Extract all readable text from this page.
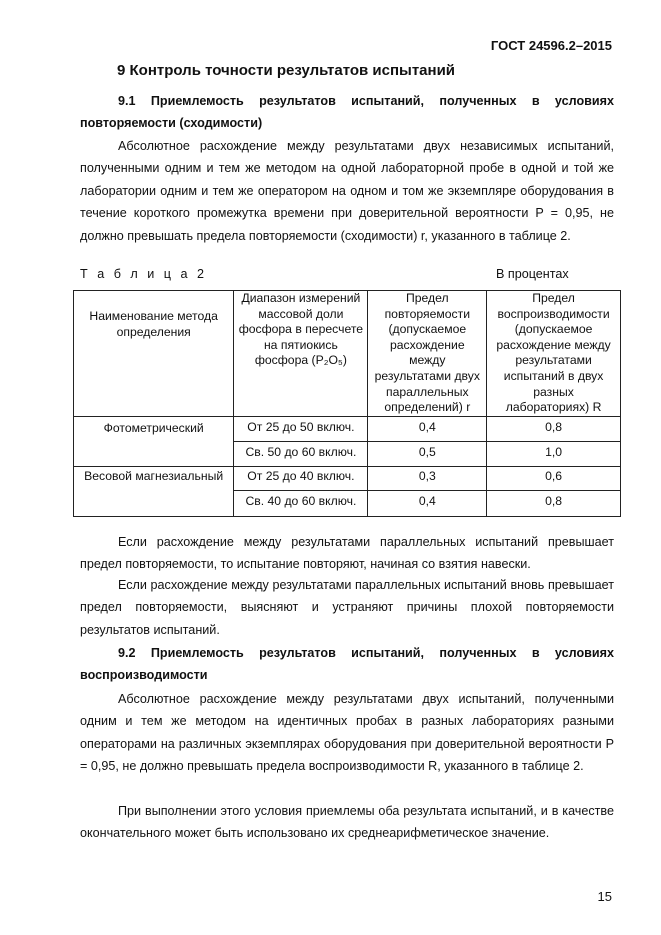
ГОСТ 24596.2–2015
9 Контроль точности результатов испытаний
9.1 Приемлемость результатов испытаний, полученных в условиях повторяемости (сходимости)
Абсолютное расхождение между результатами двух независимых испытаний, полученными одним и тем же методом на одной лабораторной пробе в одной и той же лаборатории одним и тем же оператором на одном и том же экземпляре оборудования в течение короткого промежутка времени при доверительной вероятности P = 0,95, не должно превышать предела повторяемости (сходимости) r, указанного в таблице 2.
Т а б л и ц а 2	В процентах
Наименование метода определения	Диапазон измерений массовой доли фосфора в пересчете на пятиокись фосфора (P₂O₅)	Предел повторяемости (допускаемое расхождение между результатами двух параллельных определений) r	Предел воспроизводимости (допускаемое расхождение между результатами испытаний в двух разных лабораториях) R
Фотометрический	От 25 до 50 включ.	0,4	0,8
	Св. 50 до 60 включ.	0,5	1,0
Весовой магнезиальный	От 25 до 40 включ.	0,3	0,6
	Св. 40 до 60 включ.	0,4	0,8
Если расхождение между результатами параллельных испытаний превышает предел повторяемости, то испытание повторяют, начиная со взятия навески.
Если расхождение между результатами параллельных испытаний вновь превышает предел повторяемости, выясняют и устраняют причины плохой повторяемости результатов испытаний.
9.2 Приемлемость результатов испытаний, полученных в условиях воспроизводимости
Абсолютное расхождение между результатами двух испытаний, полученными одним и тем же методом на идентичных пробах в разных лабораториях разными операторами на различных экземплярах оборудования при доверительной вероятности P = 0,95, не должно превышать предела воспроизводимости R, указанного в таблице 2.
При выполнении этого условия приемлемы оба результата испытаний, и в качестве окончательного может быть использовано их среднеарифметическое значение.
15
